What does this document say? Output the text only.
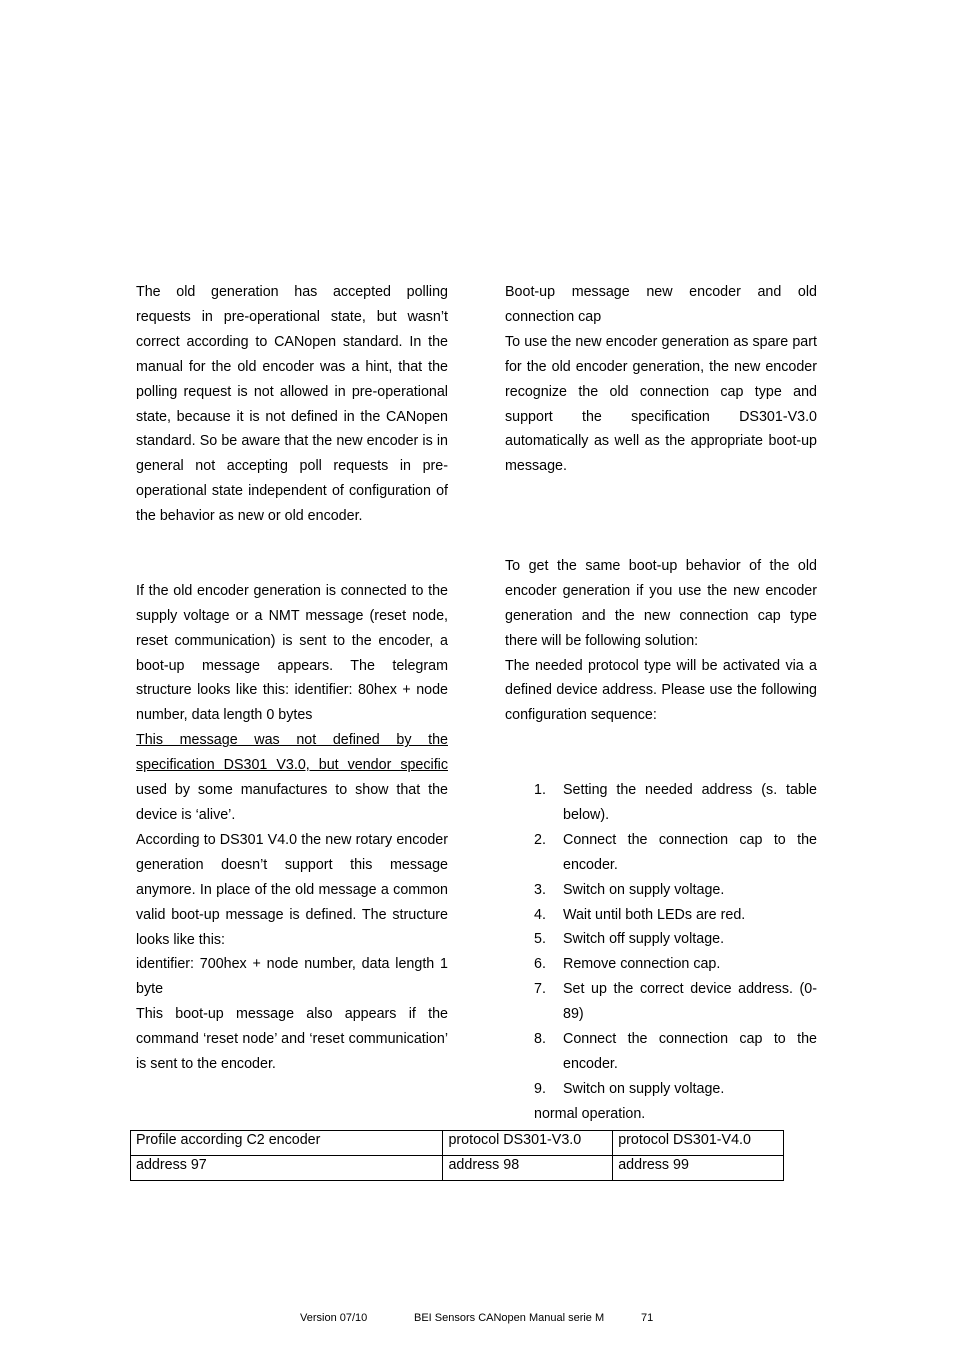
The old generation has accepted polling requests in pre-operational state, but wasn’t correct according to CANopen standard. In the manual for the old encoder was a hint, that the polling request is not allowed in pre-operational state, because it is not defined in the CANopen standard. So be aware that the new encoder is in general not accepting poll requests in pre-operational state independent of configuration of the behavior as new or old encoder.

If the old encoder generation is connected to the supply voltage or a NMT message (reset node, reset communication) is sent to the encoder, a boot-up message appears. The telegram structure looks like this: identifier: 80hex + node number, data length 0 bytes

This message was not defined by the specification DS301 V3.0, but vendor specific used by some manufactures to show that the device is ‘alive’.

According to DS301 V4.0 the new rotary encoder generation doesn’t support this message anymore. In place of the old message a common valid boot-up message is defined. The structure looks like this:

identifier: 700hex + node number, data length 1 byte

This boot-up message also appears if the command ‘reset node’ and ‘reset communication’ is sent to the encoder.

Boot-up message new encoder and old connection cap

To use the new encoder generation as spare part for the old encoder generation, the new encoder recognize the old connection cap type and support the specification DS301-V3.0 automatically as well as the appropriate boot-up message.

To get the same boot-up behavior of the old encoder generation if you use the new encoder generation and the new connection cap type there will be following solution:

The needed protocol type will be activated via a defined device address. Please use the following configuration sequence:

1.	Setting the needed address (s. table below).
2.	Connect the connection cap to the encoder.
3.	Switch on supply voltage.
4.	Wait until both LEDs are red.
5.	Switch off supply voltage.
6.	Remove connection cap.
7.	Set up the correct device address. (0-89)
8.	Connect the connection cap to the encoder.
9.	Switch on supply voltage.

normal operation.

Profile according C2 encoder	protocol DS301-V3.0	protocol DS301-V4.0
address 97	address 98	address 99
Version 07/10	BEI Sensors CANopen Manual serie M	71
